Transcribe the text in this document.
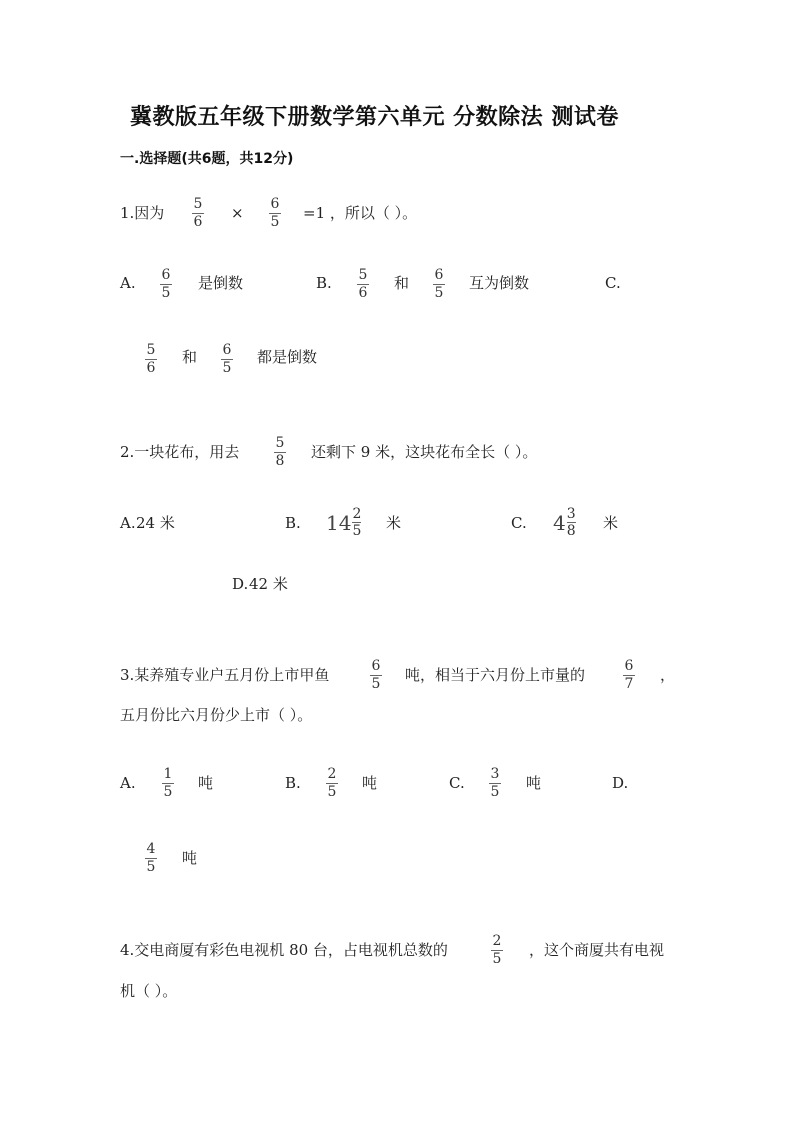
冀教版五年级下册数学第六单元 分数除法 测试卷
一.选择题(共6题，共12分)
1.因为 5
6 × 6
5 =1 ，所以（ ）。
A. 6
5
是倒数	B. 5
6
和 6
5
互为倒数	C.
5
6
和 6
5
都是倒数
2.一块花布，用去	5
8 还剩下 9 米，这块花布全长（ ）。
A. 24 米	B. $14 \frac{2}{5}$ 米	C. $4 \frac{3}{8}$ 米
D. 42 米
3.某养殖专业户五月份上市甲鱼	6
5 吨，相当于六月份上市量的	6
7 ，
五月份比六月份少上市（ ）。
A. 1
5 吨	B. 2
5 吨	C. 3
5 吨	D.
4
5 吨
4.交电商厦有彩色电视机 80 台，占电视机总数的	2
5 ，这个商厦共有电视
机（ ）。
